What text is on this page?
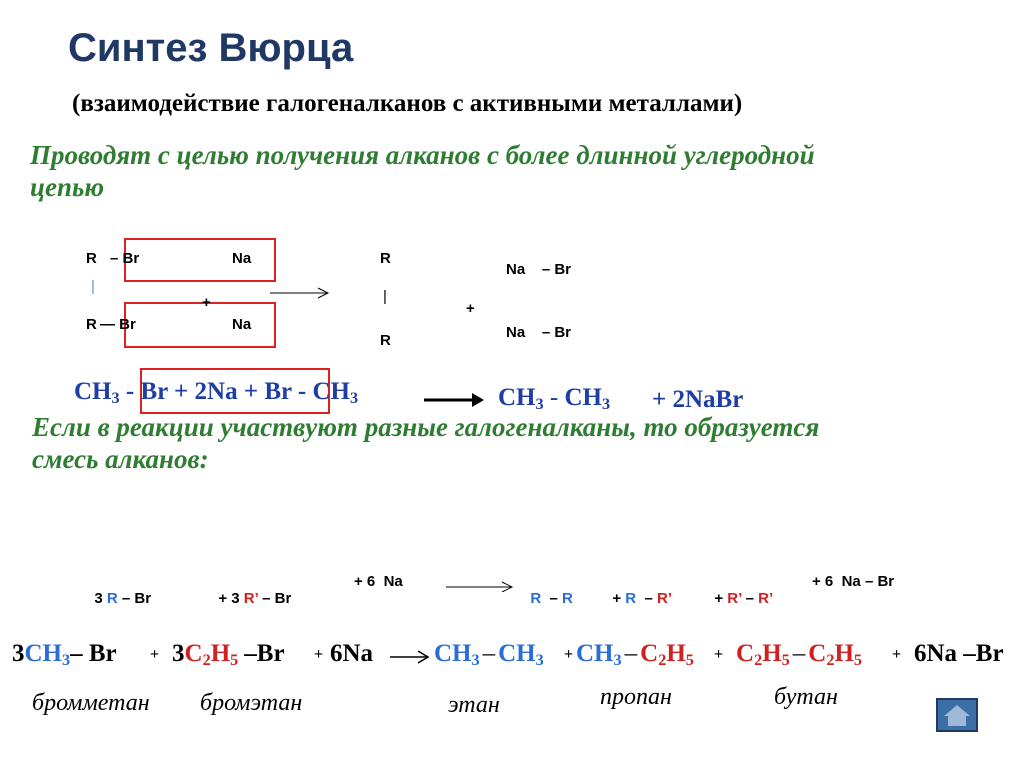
Синтез Вюрца
(взаимодействие галогеналканов с активными металлами)
Проводят с целью получения алканов с более длинной углеродной
цепью
R – Br	Na
|
+
R — Br	Na
R
|
R
+
Na    – Br
Na    – Br
$CH_3 - Br + 2Na + Br - CH_3$	$CH_3 - CH_3$ + 2NaBr
Если в реакции участвуют разные галогеналканы, то образуется
смесь алканов:

3 R – Br	+ 3 R’ – Br

+ 6  Na

R  – R	+ R  – R’	+ R’ – R’

+ 6  Na – Br
$3CH_3-$ $Br + 3C_2H_5$ –Br + 6Na $CH_3 - CH_3 + CH_3 - C_2H_5 + C_2H_5 - C_2H_5 + 6Na$ –Br
бромметан бромэтан	этан	пропан	бутан
